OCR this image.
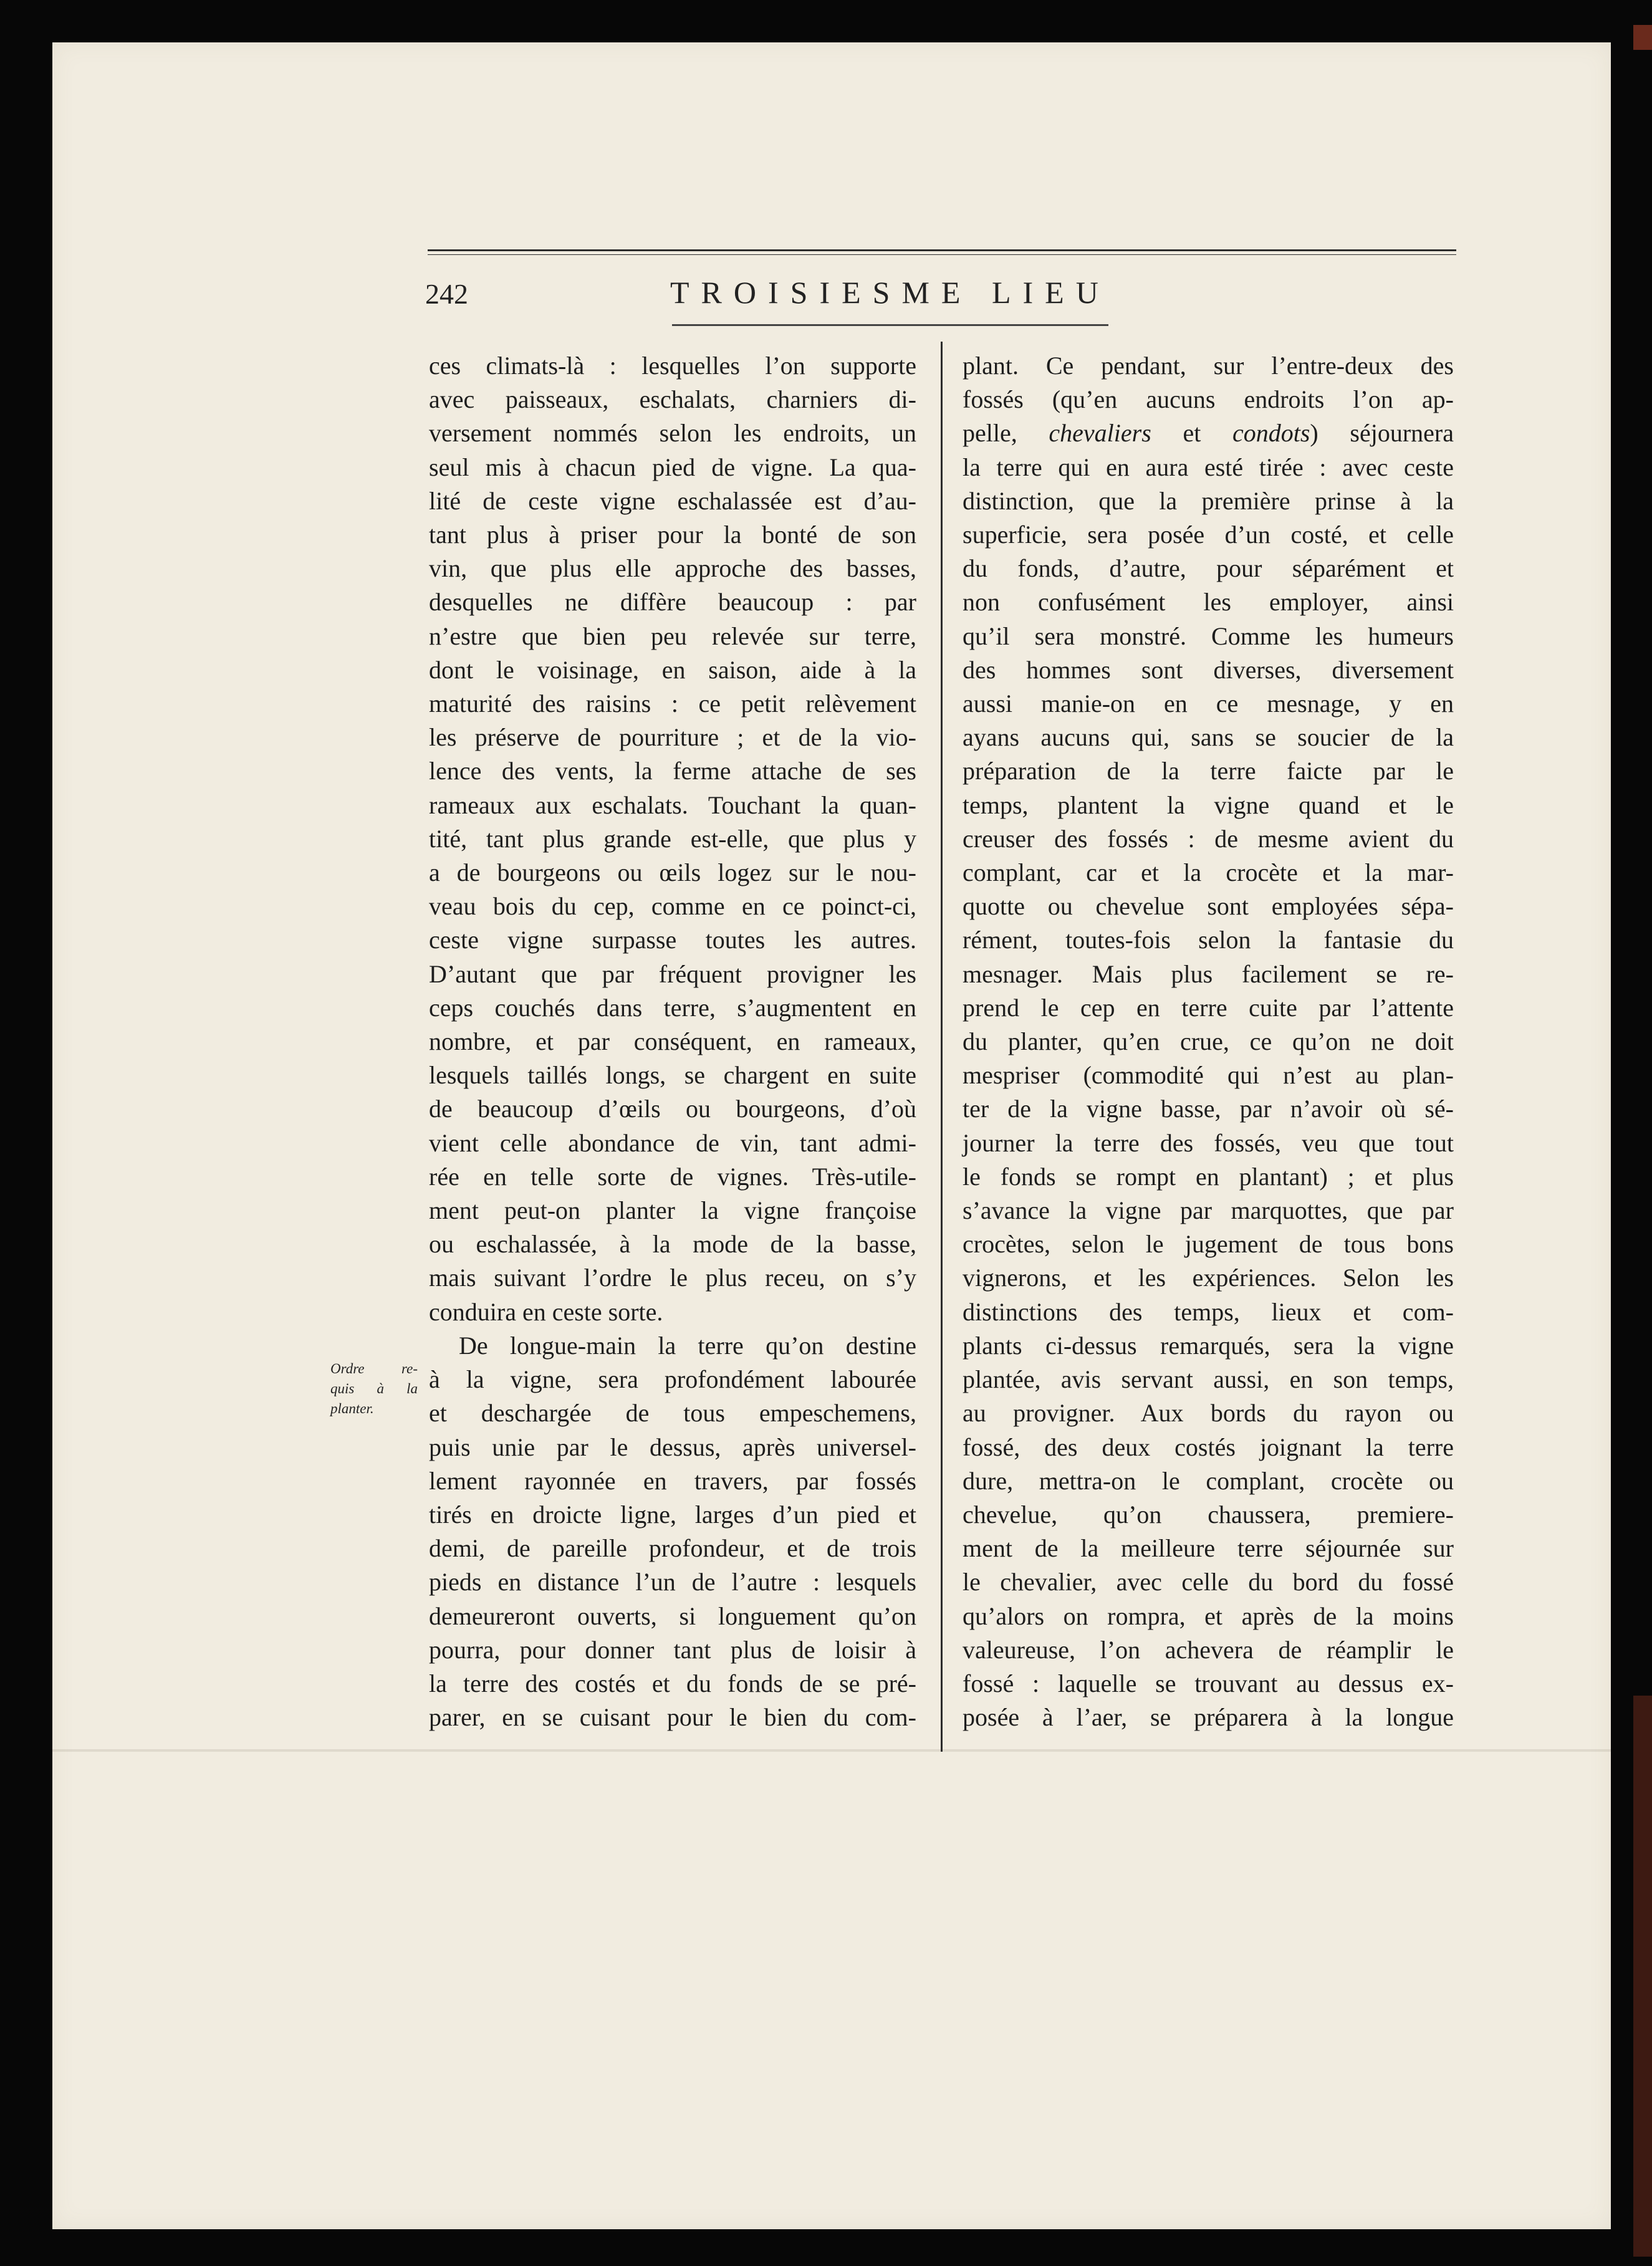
242	TROISIESME LIEU
Ordre re-
quis à la
planter.
ces climats-là : lesquelles l’on supporte
avec paisseaux, eschalats, charniers di-
versement nommés selon les endroits, un
seul mis à chacun pied de vigne. La qua-
lité de ceste vigne eschalassée est d’au-
tant plus à priser pour la bonté de son
vin, que plus elle approche des basses,
desquelles ne diffère beaucoup : par
n’estre que bien peu relevée sur terre,
dont le voisinage, en saison, aide à la
maturité des raisins : ce petit relèvement
les préserve de pourriture ; et de la vio-
lence des vents, la ferme attache de ses
rameaux aux eschalats. Touchant la quan-
tité, tant plus grande est-elle, que plus y
a de bourgeons ou œils logez sur le nou-
veau bois du cep, comme en ce poinct-ci,
ceste vigne surpasse toutes les autres.
D’autant que par fréquent provigner les
ceps couchés dans terre, s’augmentent en
nombre, et par conséquent, en rameaux,
lesquels taillés longs, se chargent en suite
de beaucoup d’œils ou bourgeons, d’où
vient celle abondance de vin, tant admi-
rée en telle sorte de vignes. Très-utile-
ment peut-on planter la vigne françoise
ou eschalassée, à la mode de la basse,
mais suivant l’ordre le plus receu, on s’y
conduira en ceste sorte.
De longue-main la terre qu’on destine
à la vigne, sera profondément labourée
et deschargée de tous empeschemens,
puis unie par le dessus, après universel-
lement rayonnée en travers, par fossés
tirés en droicte ligne, larges d’un pied et
demi, de pareille profondeur, et de trois
pieds en distance l’un de l’autre : lesquels
demeureront ouverts, si longuement qu’on
pourra, pour donner tant plus de loisir à
la terre des costés et du fonds de se pré-
parer, en se cuisant pour le bien du com-
plant. Ce pendant, sur l’entre-deux des
fossés (qu’en aucuns endroits l’on ap-
pelle, chevaliers et condots) séjournera
la terre qui en aura esté tirée : avec ceste
distinction, que la première prinse à la
superficie, sera posée d’un costé, et celle
du fonds, d’autre, pour séparément et
non confusément les employer, ainsi
qu’il sera monstré. Comme les humeurs
des hommes sont diverses, diversement
aussi manie-on en ce mesnage, y en
ayans aucuns qui, sans se soucier de la
préparation de la terre faicte par le
temps, plantent la vigne quand et le
creuser des fossés : de mesme avient du
complant, car et la crocète et la mar-
quotte ou chevelue sont employées sépa-
rément, toutes-fois selon la fantasie du
mesnager. Mais plus facilement se re-
prend le cep en terre cuite par l’attente
du planter, qu’en crue, ce qu’on ne doit
mespriser (commodité qui n’est au plan-
ter de la vigne basse, par n’avoir où sé-
journer la terre des fossés, veu que tout
le fonds se rompt en plantant) ; et plus
s’avance la vigne par marquottes, que par
crocètes, selon le jugement de tous bons
vignerons, et les expériences. Selon les
distinctions des temps, lieux et com-
plants ci-dessus remarqués, sera la vigne
plantée, avis servant aussi, en son temps,
au provigner. Aux bords du rayon ou
fossé, des deux costés joignant la terre
dure, mettra-on le complant, crocète ou
chevelue, qu’on chaussera, premiere-
ment de la meilleure terre séjournée sur
le chevalier, avec celle du bord du fossé
qu’alors on rompra, et après de la moins
valeureuse, l’on achevera de réamplir le
fossé : laquelle se trouvant au dessus ex-
posée à l’aer, se préparera à la longue
